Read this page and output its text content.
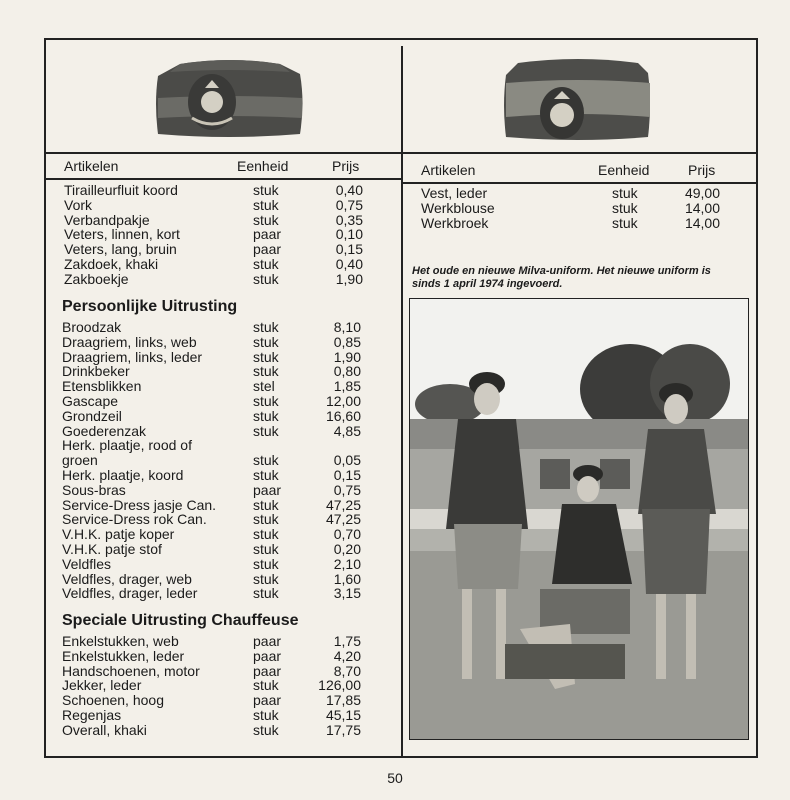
Artikelen	Eenheid	Prijs	Artikelen	Eenheid	Prijs
Tirailleurfluit koord	stuk	0,40
Vork	stuk	0,75
Verbandpakje	stuk	0,35
Veters, linnen, kort	paar	0,10
Veters, lang, bruin	paar	0,15
Zakdoek, khaki	stuk	0,40
Zakboekje	stuk	1,90
Persoonlijke Uitrusting
Broodzak	stuk	8,10
Draagriem, links, web	stuk	0,85
Draagriem, links, leder	stuk	1,90
Drinkbeker	stuk	0,80
Etensblikken	stel	1,85
Gascape	stuk	12,00
Grondzeil	stuk	16,60
Goederenzak	stuk	4,85
Herk. plaatje, rood of
groen	stuk	0,05
Herk. plaatje, koord	stuk	0,15
Sous-bras	paar	0,75
Service-Dress jasje Can.	stuk	47,25
Service-Dress rok Can.	stuk	47,25
V.H.K. patje koper	stuk	0,70
V.H.K. patje stof	stuk	0,20
Veldfles	stuk	2,10
Veldfles, drager, web	stuk	1,60
Veldfles, drager, leder	stuk	3,15
Speciale Uitrusting Chauffeuse
Enkelstukken, web	paar	1,75
Enkelstukken, leder	paar	4,20
Handschoenen, motor	paar	8,70
Jekker, leder	stuk	126,00
Schoenen, hoog	paar	17,85
Regenjas	stuk	45,15
Overall, khaki	stuk	17,75
Vest, leder	stuk	49,00
Werkblouse	stuk	14,00
Werkbroek	stuk	14,00
Het oude en nieuwe Milva-uniform. Het nieuwe uniform is sinds 1 april 1974 ingevoerd.
50
